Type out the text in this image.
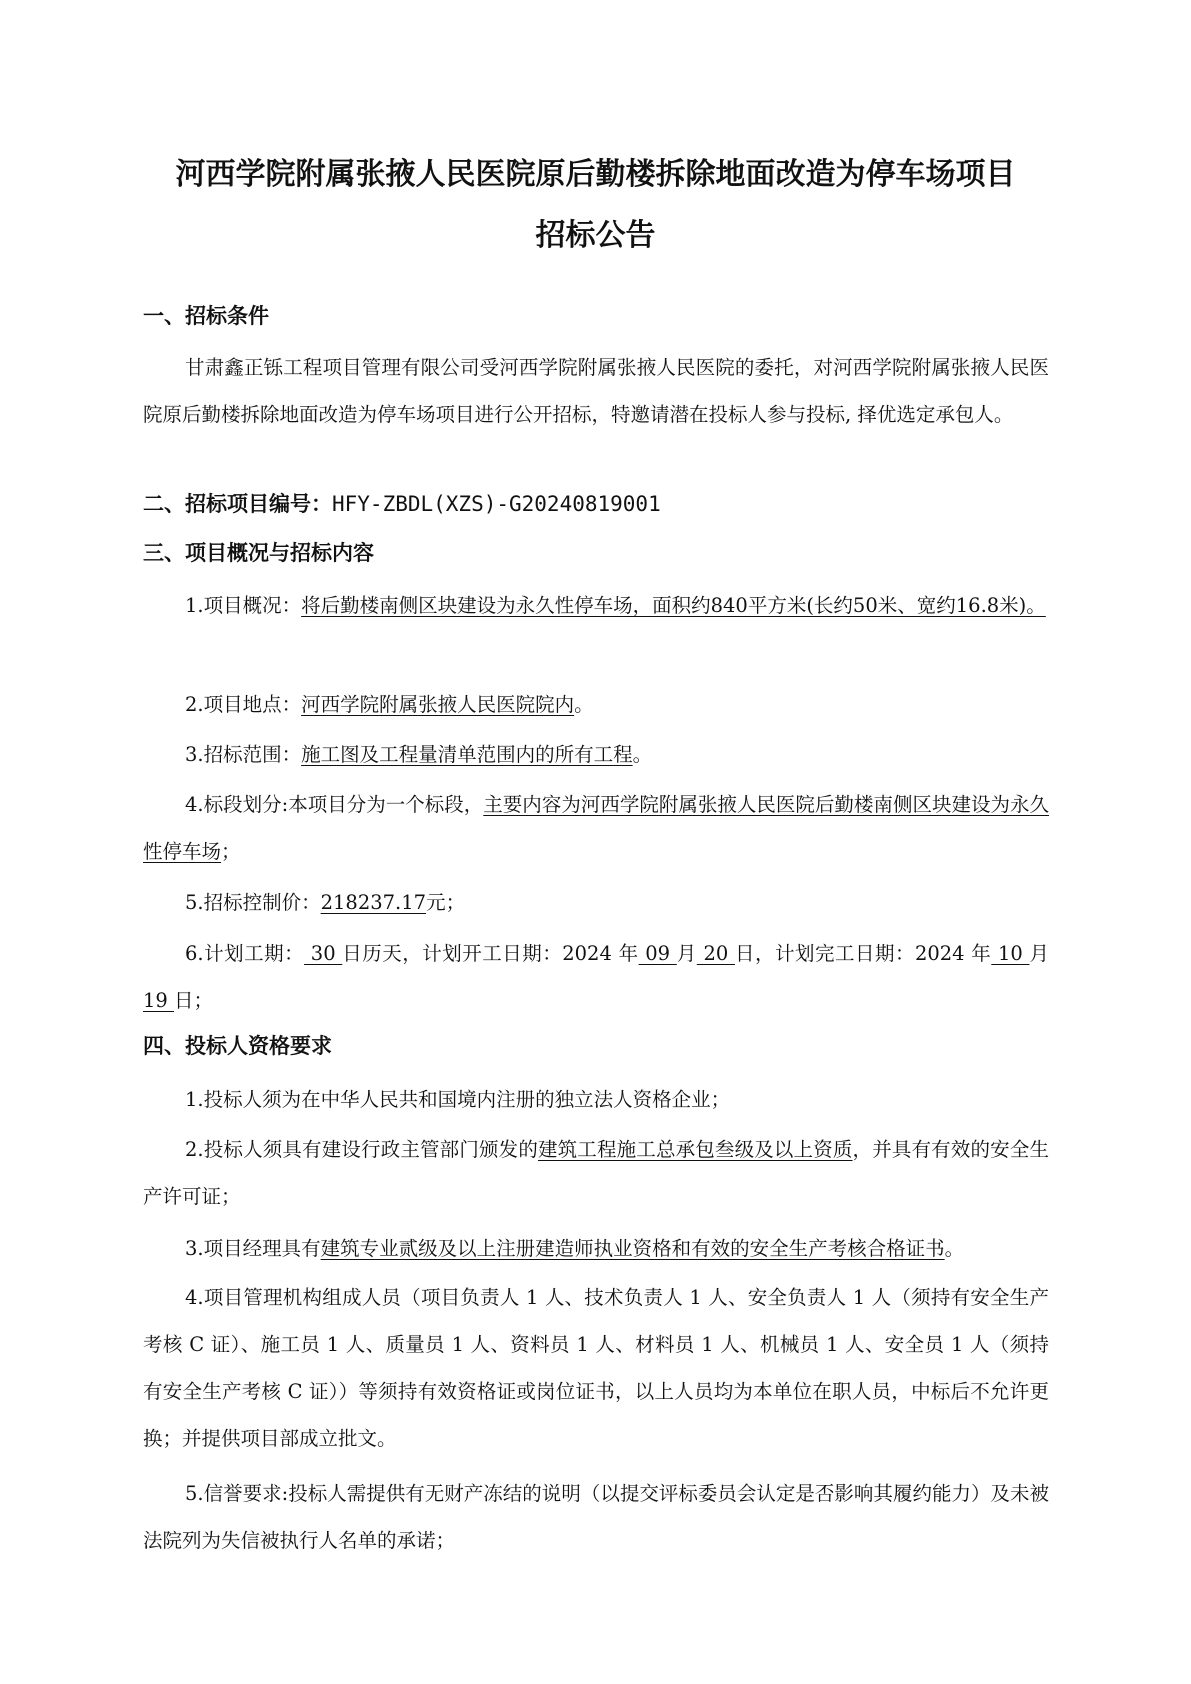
河西学院附属张掖人民医院原后勤楼拆除地面改造为停车场项目
招标公告
一、招标条件
甘肃鑫正铄工程项目管理有限公司受河西学院附属张掖人民医院的委托，对河西学院附属张掖人民医院原后勤楼拆除地面改造为停车场项目进行公开招标，特邀请潜在投标人参与投标, 择优选定承包人。
二、招标项目编号：HFY-ZBDL(XZS)-G20240819001
三、项目概况与招标内容
1.项目概况：将后勤楼南侧区块建设为永久性停车场，面积约840平方米(长约50米、宽约16.8米)。
2.项目地点：河西学院附属张掖人民医院院内。
3.招标范围：施工图及工程量清单范围内的所有工程。
4.标段划分:本项目分为一个标段，主要内容为河西学院附属张掖人民医院后勤楼南侧区块建设为永久性停车场；
5.招标控制价：218237.17元；
6.计划工期： 30 日历天，计划开工日期：2024 年 09 月 20 日，计划完工日期：2024 年 10 月 19 日；
四、投标人资格要求
1.投标人须为在中华人民共和国境内注册的独立法人资格企业；
2.投标人须具有建设行政主管部门颁发的建筑工程施工总承包叁级及以上资质，并具有有效的安全生产许可证；
3.项目经理具有建筑专业贰级及以上注册建造师执业资格和有效的安全生产考核合格证书。
4.项目管理机构组成人员（项目负责人 1 人、技术负责人 1 人、安全负责人 1 人（须持有安全生产考核 C 证）、施工员 1 人、质量员 1 人、资料员 1 人、材料员 1 人、机械员 1 人、安全员 1 人（须持有安全生产考核 C 证））等须持有效资格证或岗位证书，以上人员均为本单位在职人员，中标后不允许更换；并提供项目部成立批文。
5.信誉要求:投标人需提供有无财产冻结的说明（以提交评标委员会认定是否影响其履约能力）及未被法院列为失信被执行人名单的承诺；
